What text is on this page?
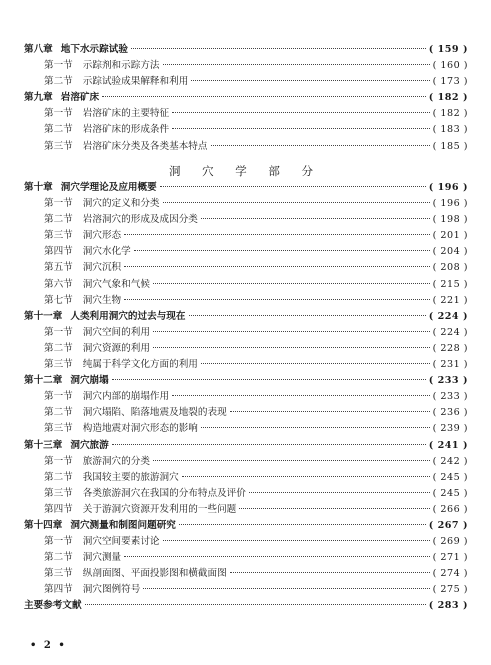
第八章 地下水示踪试验	( 159 )
第一节 示踪剂和示踪方法	( 160 )
第二节 示踪试验成果解释和利用	( 173 )
第九章 岩溶矿床	( 182 )
第一节 岩溶矿床的主要特征	( 182 )
第二节 岩溶矿床的形成条件	( 183 )
第三节 岩溶矿床分类及各类基本特点	( 185 )
洞 穴 学 部 分
第十章 洞穴学理论及应用概要	( 196 )
第一节 洞穴的定义和分类	( 196 )
第二节 岩溶洞穴的形成及成因分类	( 198 )
第三节 洞穴形态	( 201 )
第四节 洞穴水化学	( 204 )
第五节 洞穴沉积	( 208 )
第六节 洞穴气象和气候	( 215 )
第七节 洞穴生物	( 221 )
第十一章 人类利用洞穴的过去与现在	( 224 )
第一节 洞穴空间的利用	( 224 )
第二节 洞穴资源的利用	( 228 )
第三节 纯属于科学文化方面的利用	( 231 )
第十二章 洞穴崩塌	( 233 )
第一节 洞穴内部的崩塌作用	( 233 )
第二节 洞穴塌陷、陷落地震及地裂的表现	( 236 )
第三节 构造地震对洞穴形态的影响	( 239 )
第十三章 洞穴旅游	( 241 )
第一节 旅游洞穴的分类	( 242 )
第二节 我国较主要的旅游洞穴	( 245 )
第三节 各类旅游洞穴在我国的分布特点及评价	( 245 )
第四节 关于游洞穴资源开发利用的一些问题	( 266 )
第十四章 洞穴测量和制图问题研究	( 267 )
第一节 洞穴空间要素讨论	( 269 )
第二节 洞穴测量	( 271 )
第三节 纵剖面图、平面投影图和横截面图	( 274 )
第四节 洞穴图例符号	( 275 )
主要参考文献	( 283 )
• 2 •
